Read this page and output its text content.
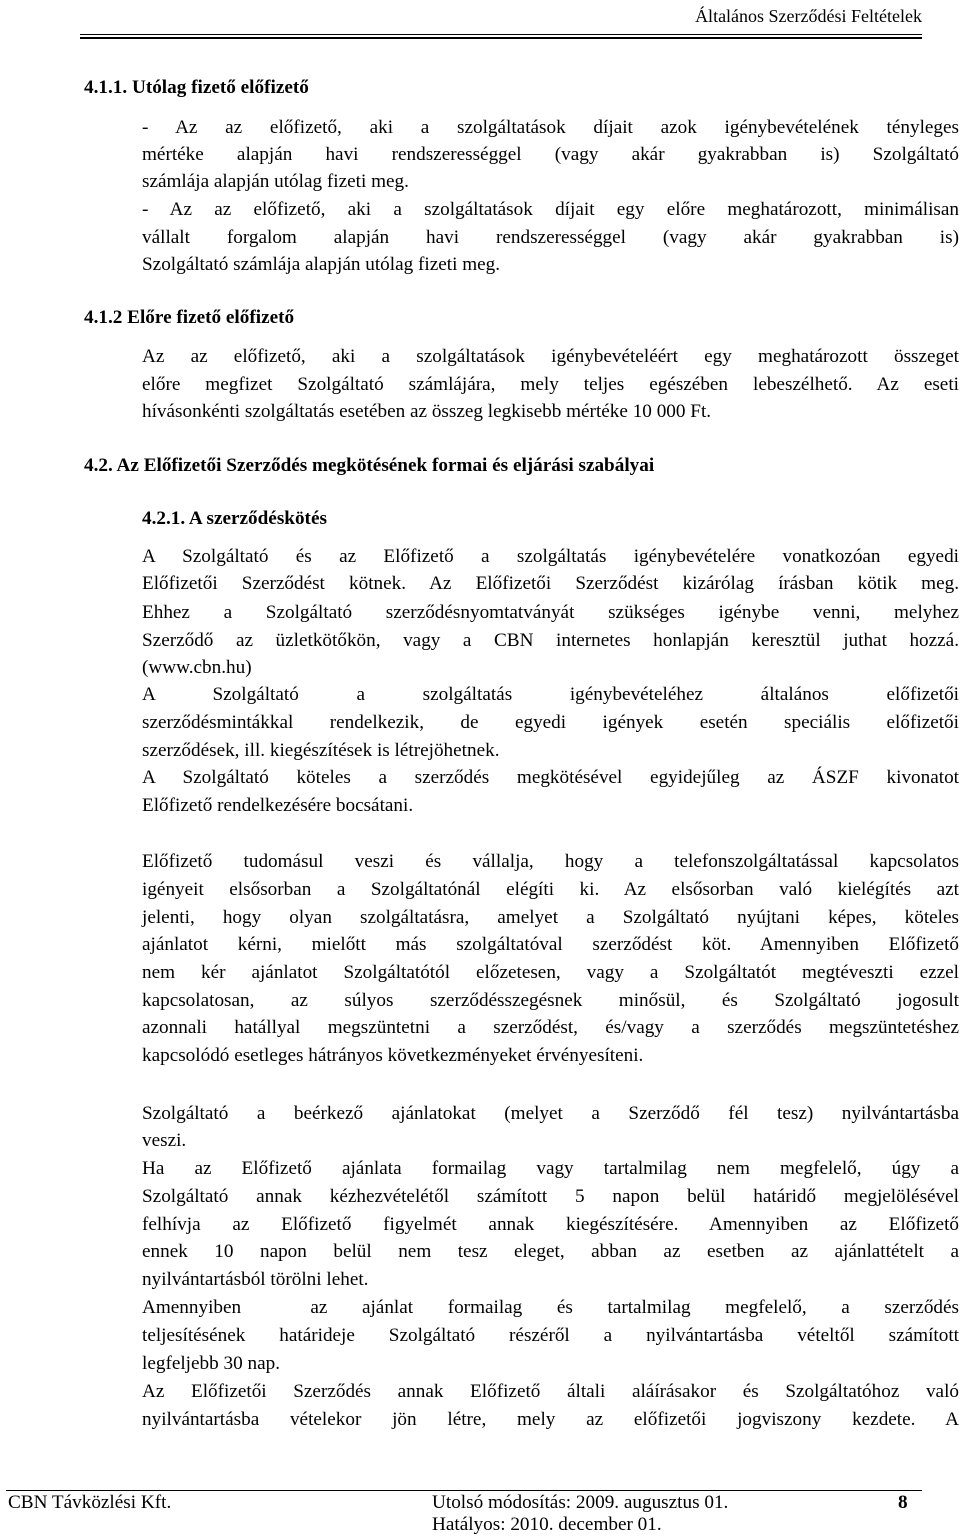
Általános Szerződési Feltételek
4.1.1. Utólag fizető előfizető
- Az az előfizető, aki a szolgáltatások díjait azok igénybevételének tényleges
mértéke alapján havi rendszerességgel (vagy akár gyakrabban is) Szolgáltató
számlája alapján utólag fizeti meg.
- Az az előfizető, aki a szolgáltatások díjait egy előre meghatározott, minimálisan
vállalt forgalom alapján havi rendszerességgel (vagy akár gyakrabban is)
Szolgáltató számlája alapján utólag fizeti meg.
4.1.2 Előre fizető előfizető
Az az előfizető, aki a szolgáltatások igénybevételéért egy meghatározott összeget
előre megfizet Szolgáltató számlájára, mely teljes egészében lebeszélhető. Az eseti
hívásonkénti szolgáltatás esetében az összeg legkisebb mértéke 10 000 Ft.
4.2. Az Előfizetői Szerződés megkötésének formai és eljárási szabályai
4.2.1. A szerződéskötés
A Szolgáltató és az Előfizető a szolgáltatás igénybevételére vonatkozóan egyedi
Előfizetői Szerződést kötnek. Az Előfizetői Szerződést kizárólag írásban kötik meg.
Ehhez a Szolgáltató szerződésnyomtatványát szükséges igénybe venni, melyhez
Szerződő az üzletkötőkön, vagy a CBN internetes honlapján keresztül juthat hozzá.
(www.cbn.hu)
A Szolgáltató a szolgáltatás igénybevételéhez általános előfizetői
szerződésmintákkal rendelkezik, de egyedi igények esetén speciális előfizetői
szerződések, ill. kiegészítések is létrejöhetnek.
A Szolgáltató köteles a szerződés megkötésével egyidejűleg az ÁSZF kivonatot
Előfizető rendelkezésére bocsátani.
Előfizető tudomásul veszi és vállalja, hogy a telefonszolgáltatással kapcsolatos
igényeit elsősorban a Szolgáltatónál elégíti ki. Az elsősorban való kielégítés azt
jelenti, hogy olyan szolgáltatásra, amelyet a Szolgáltató nyújtani képes, köteles
ajánlatot kérni, mielőtt más szolgáltatóval szerződést köt. Amennyiben Előfizető
nem kér ajánlatot Szolgáltatótól előzetesen, vagy a Szolgáltatót megtéveszti ezzel
kapcsolatosan, az súlyos szerződésszegésnek minősül, és Szolgáltató jogosult
azonnali hatállyal megszüntetni a szerződést, és/vagy a szerződés megszüntetéshez
kapcsolódó esetleges hátrányos következményeket érvényesíteni.
Szolgáltató a beérkező ajánlatokat (melyet a Szerződő fél tesz) nyilvántartásba
veszi.
Ha az Előfizető ajánlata formailag vagy tartalmilag nem megfelelő, úgy a
Szolgáltató annak kézhezvételétől számított 5 napon belül határidő megjelölésével
felhívja az Előfizető figyelmét annak kiegészítésére. Amennyiben az Előfizető
ennek 10 napon belül nem tesz eleget, abban az esetben az ajánlattételt a
nyilvántartásból törölni lehet.
Amennyiben  az ajánlat formailag és tartalmilag megfelelő, a szerződés
teljesítésének határideje Szolgáltató részéről a nyilvántartásba vételtől számított
legfeljebb 30 nap.
Az Előfizetői Szerződés annak Előfizető általi aláírásakor és Szolgáltatóhoz való
nyilvántartásba vételekor jön létre, mely az előfizetői jogviszony kezdete. A
CBN Távközlési Kft.	Utolsó módosítás: 2009. augusztus 01.	8
Hatályos: 2010. december 01.
